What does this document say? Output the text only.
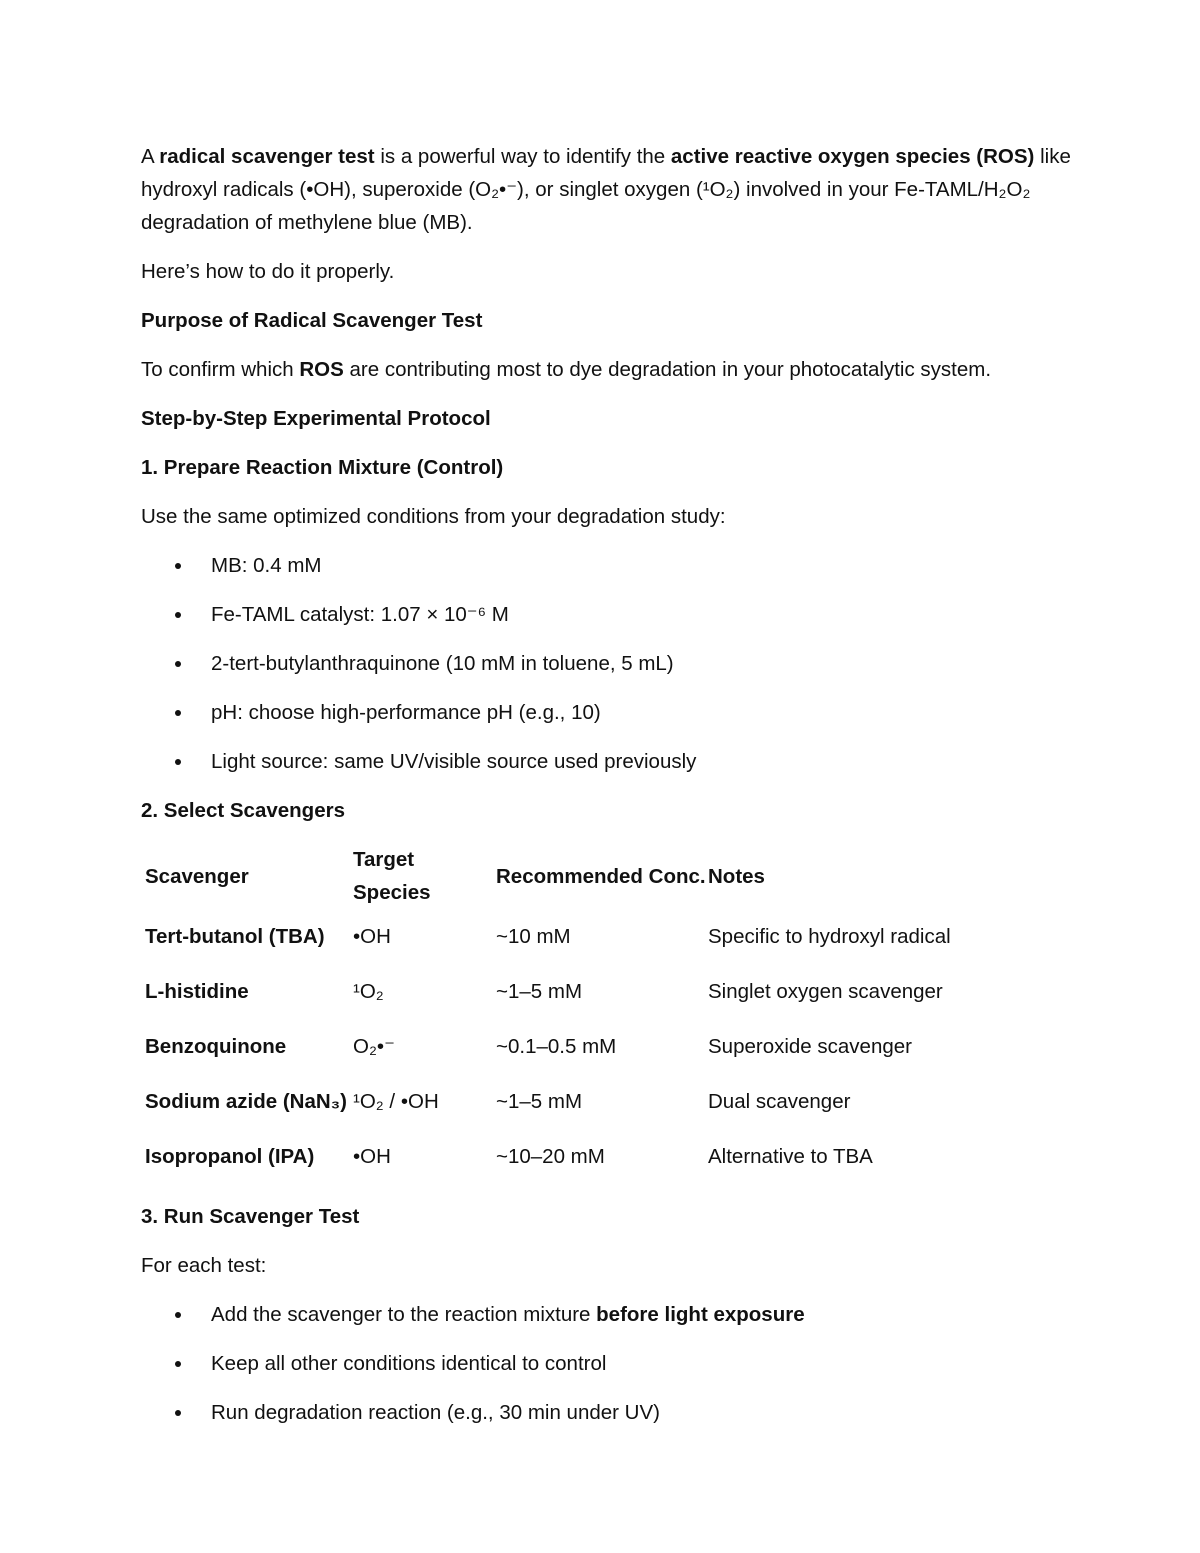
A radical scavenger test is a powerful way to identify the active reactive oxygen species (ROS) like hydroxyl radicals (•OH), superoxide (O₂•⁻), or singlet oxygen (¹O₂) involved in your Fe-TAML/H₂O₂ degradation of methylene blue (MB).

Here’s how to do it properly.

Purpose of Radical Scavenger Test

To confirm which ROS are contributing most to dye degradation in your photocatalytic system.

Step-by-Step Experimental Protocol

1. Prepare Reaction Mixture (Control)

Use the same optimized conditions from your degradation study:

MB: 0.4 mM
Fe-TAML catalyst: 1.07 × 10⁻⁶ M
2-tert-butylanthraquinone (10 mM in toluene, 5 mL)
pH: choose high-performance pH (e.g., 10)
Light source: same UV/visible source used previously

2. Select Scavengers

Scavenger	Target Species	Recommended Conc.	Notes
Tert-butanol (TBA)	•OH	~10 mM	Specific to hydroxyl radical
L-histidine	¹O₂	~1–5 mM	Singlet oxygen scavenger
Benzoquinone	O₂•⁻	~0.1–0.5 mM	Superoxide scavenger
Sodium azide (NaN₃)	¹O₂ / •OH	~1–5 mM	Dual scavenger
Isopropanol (IPA)	•OH	~10–20 mM	Alternative to TBA

3. Run Scavenger Test

For each test:

Add the scavenger to the reaction mixture before light exposure
Keep all other conditions identical to control
Run degradation reaction (e.g., 30 min under UV)
